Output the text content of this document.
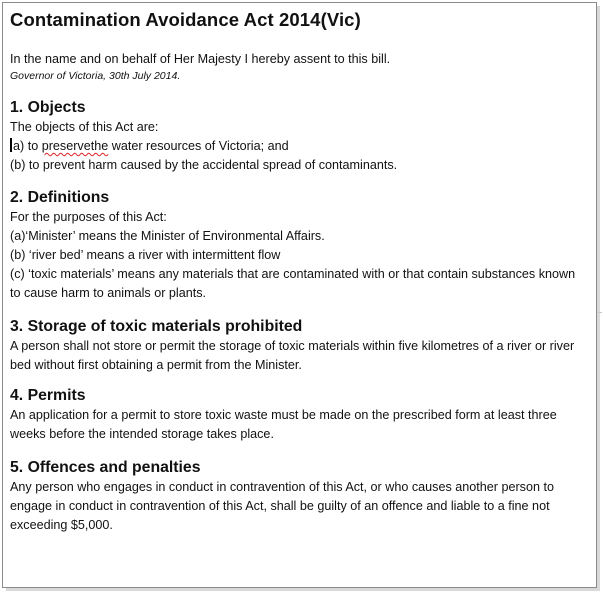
Contamination Avoidance Act 2014(Vic)
In the name and on behalf of Her Majesty I hereby assent to this bill.
Governor of Victoria, 30th July 2014.
1. Objects
The objects of this Act are:
a) to preservethe water resources of Victoria; and
(b) to prevent harm caused by the accidental spread of contaminants.
2. Definitions
For the purposes of this Act:
(a)‘Minister’ means the Minister of Environmental Affairs.
(b) ‘river bed’ means a river with intermittent flow
(c) ‘toxic materials’ means any materials that are contaminated with or that contain substances known to cause harm to animals or plants.
3. Storage of toxic materials prohibited
A person shall not store or permit the storage of toxic materials within five kilometres of a river or river bed without first obtaining a permit from the Minister.
4. Permits
An application for a permit to store toxic waste must be made on the prescribed form at least three weeks before the intended storage takes place.
5. Offences and penalties
Any person who engages in conduct in contravention of this Act, or who causes another person to engage in conduct in contravention of this Act, shall be guilty of an offence and liable to a fine not exceeding $5,000.
